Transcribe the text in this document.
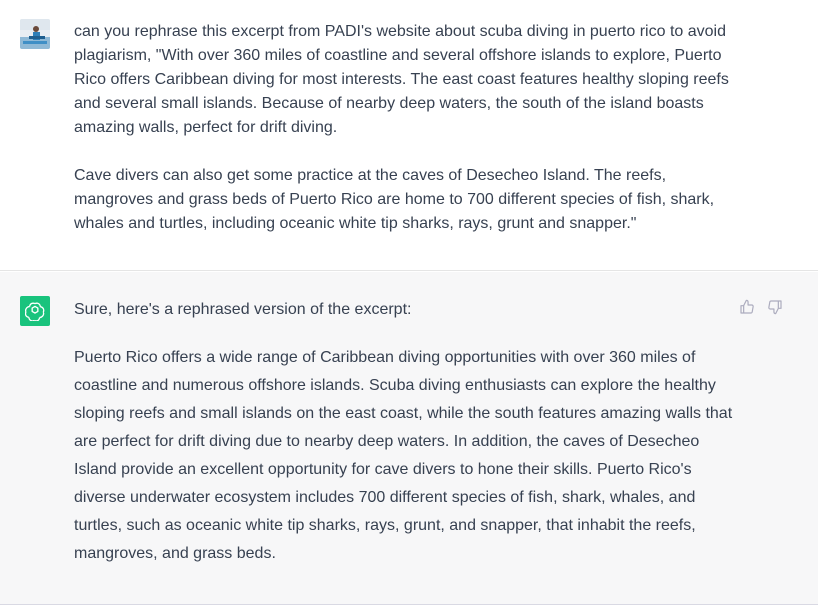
can you rephrase this excerpt from PADI's website about scuba diving in puerto rico to avoid plagiarism, "With over 360 miles of coastline and several offshore islands to explore, Puerto Rico offers Caribbean diving for most interests. The east coast features healthy sloping reefs and several small islands. Because of nearby deep waters, the south of the island boasts amazing walls, perfect for drift diving.

Cave divers can also get some practice at the caves of Desecheo Island. The reefs, mangroves and grass beds of Puerto Rico are home to 700 different species of fish, shark, whales and turtles, including oceanic white tip sharks, rays, grunt and snapper."

Sure, here's a rephrased version of the excerpt:

Puerto Rico offers a wide range of Caribbean diving opportunities with over 360 miles of coastline and numerous offshore islands. Scuba diving enthusiasts can explore the healthy sloping reefs and small islands on the east coast, while the south features amazing walls that are perfect for drift diving due to nearby deep waters. In addition, the caves of Desecheo Island provide an excellent opportunity for cave divers to hone their skills. Puerto Rico's diverse underwater ecosystem includes 700 different species of fish, shark, whales, and turtles, such as oceanic white tip sharks, rays, grunt, and snapper, that inhabit the reefs, mangroves, and grass beds.
